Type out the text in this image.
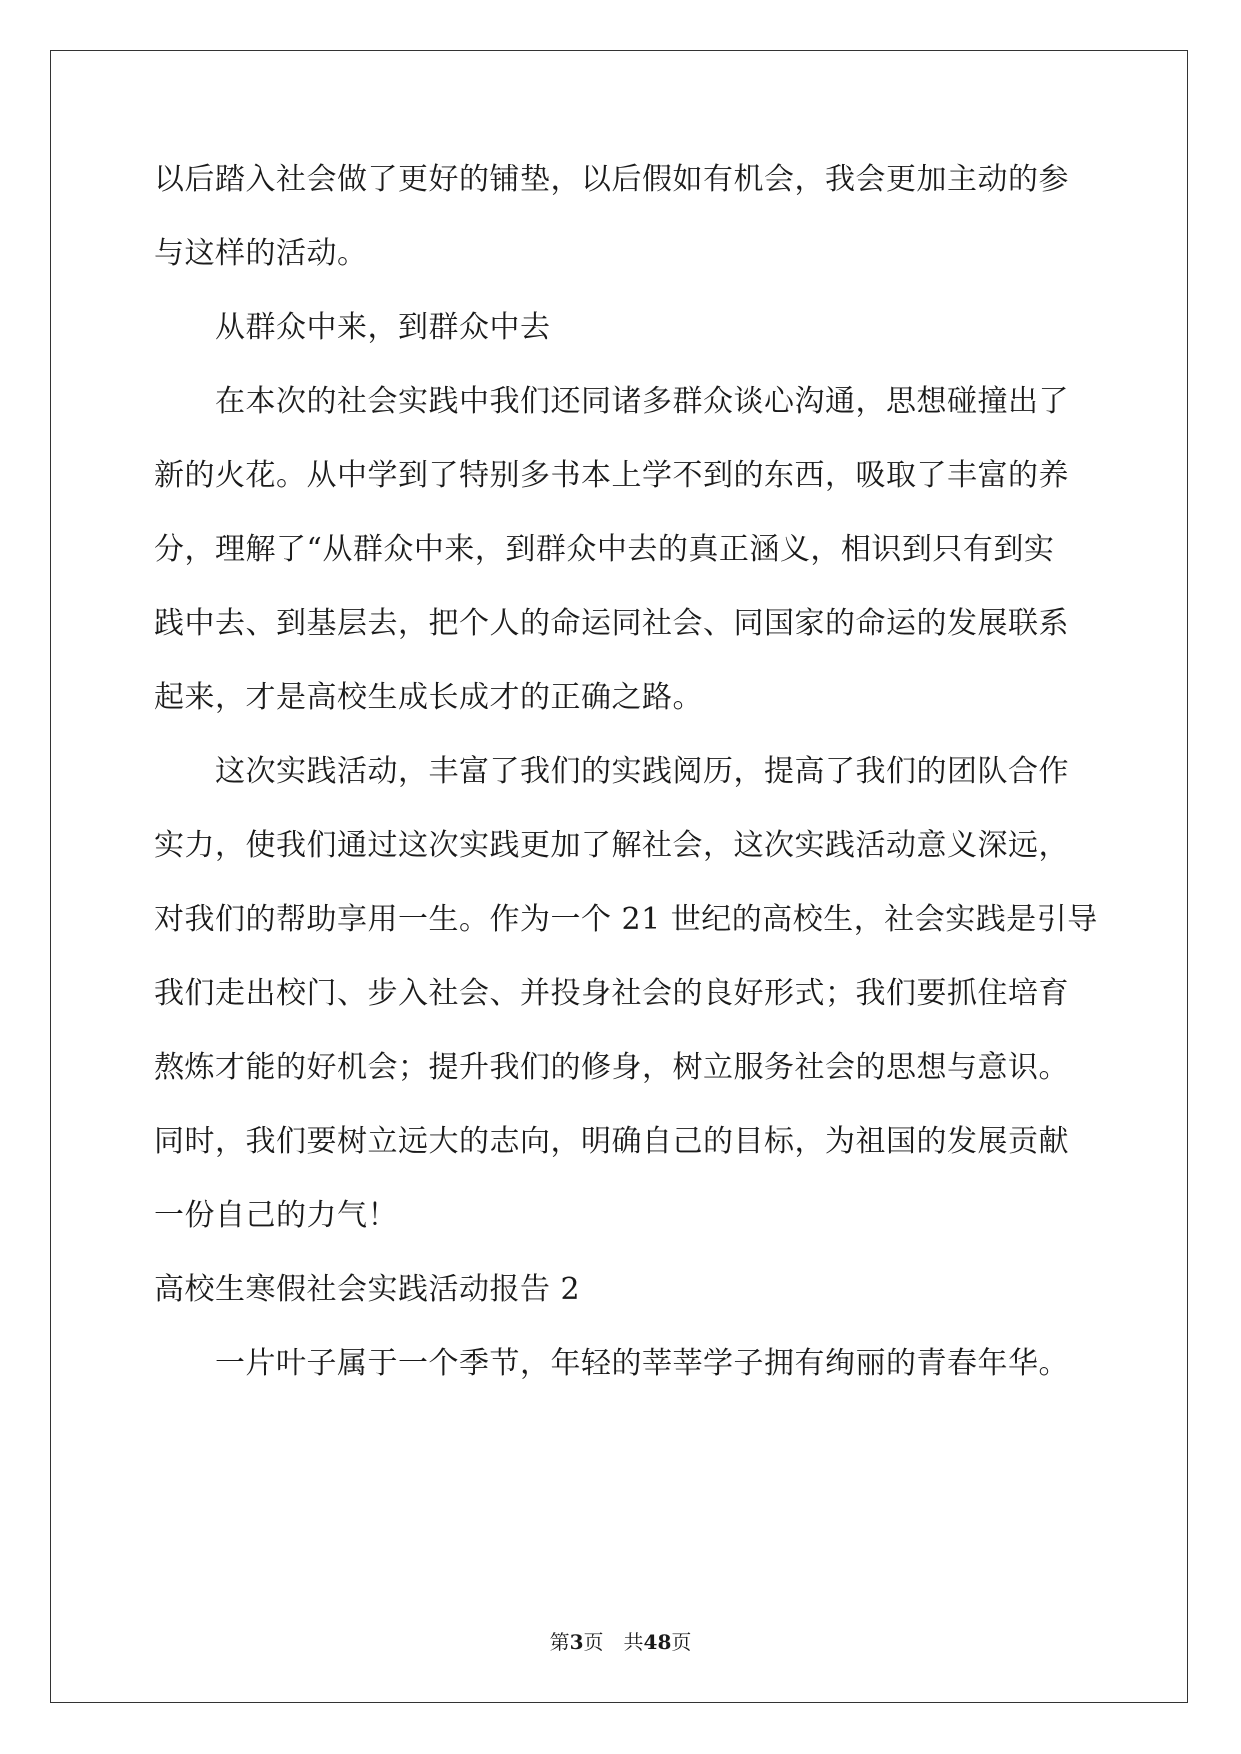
以后踏入社会做了更好的铺垫，以后假如有机会，我会更加主动的参
与这样的活动。
　　从群众中来，到群众中去
　　在本次的社会实践中我们还同诸多群众谈心沟通，思想碰撞出了
新的火花。从中学到了特别多书本上学不到的东西，吸取了丰富的养
分，理解了“从群众中来，到群众中去的真正涵义，相识到只有到实
践中去、到基层去，把个人的命运同社会、同国家的命运的发展联系
起来，才是高校生成长成才的正确之路。
　　这次实践活动，丰富了我们的实践阅历，提高了我们的团队合作
实力，使我们通过这次实践更加了解社会，这次实践活动意义深远，
对我们的帮助享用一生。作为一个 21 世纪的高校生，社会实践是引导
我们走出校门、步入社会、并投身社会的良好形式；我们要抓住培育
熬炼才能的好机会；提升我们的修身，树立服务社会的思想与意识。
同时，我们要树立远大的志向，明确自己的目标，为祖国的发展贡献
一份自己的力气！
高校生寒假社会实践活动报告 2
　　一片叶子属于一个季节，年轻的莘莘学子拥有绚丽的青春年华。
第3页　共48页
